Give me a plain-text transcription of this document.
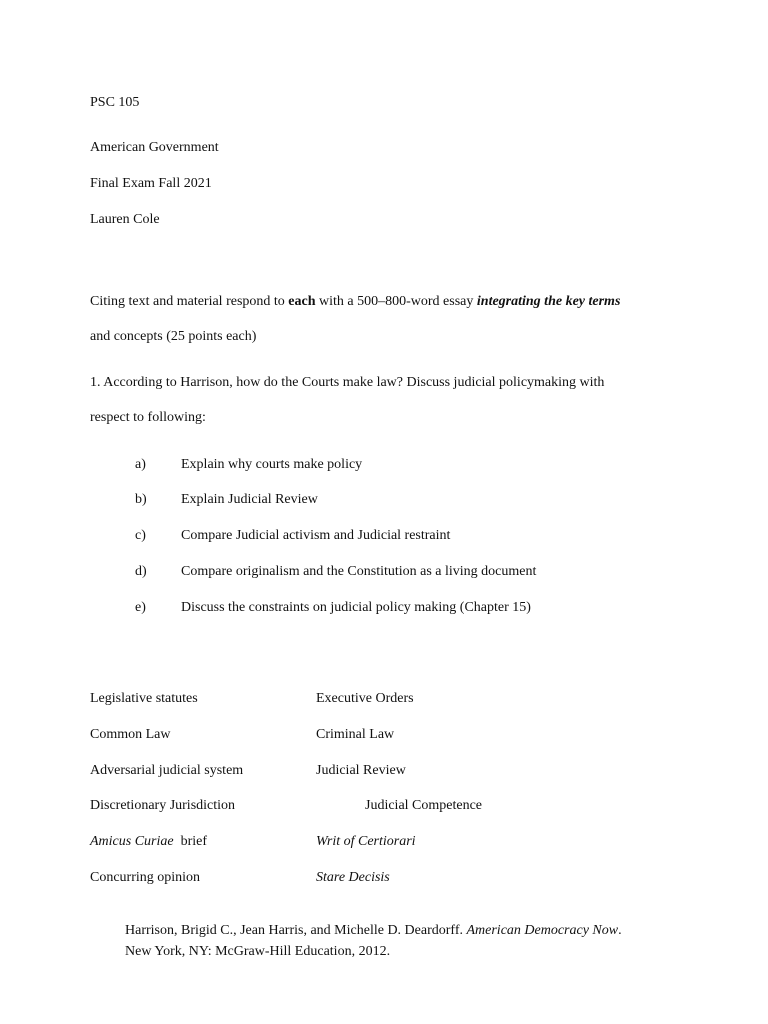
PSC 105
American Government
Final Exam Fall 2021
Lauren Cole
Citing text and material respond to each with a 500–800-word essay integrating the key terms
and concepts (25 points each)
1. According to Harrison, how do the Courts make law? Discuss judicial policymaking with
respect to following:
a)	Explain why courts make policy
b) Explain Judicial Review
c)	Compare Judicial activism and Judicial restraint
d) Compare originalism and the Constitution as a living document
e)	Discuss the constraints on judicial policy making (Chapter 15)
Legislative statutes	Executive Orders
Common Law	Criminal Law
Adversarial judicial system	Judicial Review
Discretionary Jurisdiction	Judicial Competence
Amicus Curiae  brief	Writ of Certiorari
Concurring opinion	Stare Decisis
Harrison, Brigid C., Jean Harris, and Michelle D. Deardorff. American Democracy Now.
New York, NY: McGraw-Hill Education, 2012.
